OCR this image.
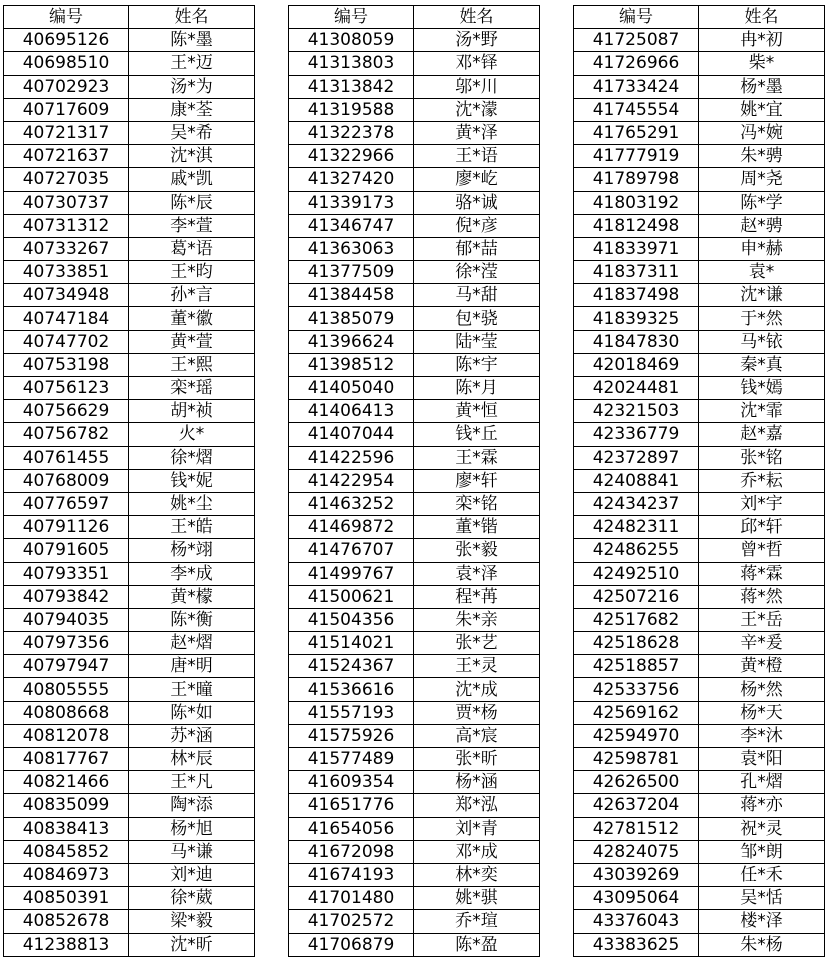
编号	姓名
40695126	陈*墨
40698510	王*迈
40702923	汤*为
40717609	康*荃
40721317	吴*希
40721637	沈*淇
40727035	戚*凯
40730737	陈*辰
40731312	李*萱
40733267	葛*语
40733851	王*昀
40734948	孙*言
40747184	董*徽
40747702	黄*萱
40753198	王*熙
40756123	栾*瑶
40756629	胡*祯
40756782	火*
40761455	徐*熠
40768009	钱*妮
40776597	姚*尘
40791126	王*皓
40791605	杨*翊
40793351	李*成
40793842	黄*檬
40794035	陈*衡
40797356	赵*熠
40797947	唐*明
40805555	王*曈
40808668	陈*如
40812078	苏*涵
40817767	林*辰
40821466	王*凡
40835099	陶*添
40838413	杨*旭
40845852	马*谦
40846973	刘*迪
40850391	徐*葳
40852678	梁*毅
41238813	沈*昕
编号	姓名
41308059	汤*野
41313803	邓*铎
41313842	邬*川
41319588	沈*濛
41322378	黄*泽
41322966	王*语
41327420	廖*屹
41339173	骆*诚
41346747	倪*彦
41363063	郁*喆
41377509	徐*滢
41384458	马*甜
41385079	包*骁
41396624	陆*莹
41398512	陈*宇
41405040	陈*月
41406413	黄*恒
41407044	钱*丘
41422596	王*霖
41422954	廖*轩
41463252	栾*铭
41469872	董*锴
41476707	张*毅
41499767	袁*泽
41500621	程*苒
41504356	朱*亲
41514021	张*艺
41524367	王*灵
41536616	沈*成
41557193	贾*杨
41575926	高*宸
41577489	张*昕
41609354	杨*涵
41651776	郑*泓
41654056	刘*青
41672098	邓*成
41674193	林*奕
41701480	姚*骐
41702572	乔*瑄
41706879	陈*盈
编号	姓名
41725087	冉*初
41726966	柴*
41733424	杨*墨
41745554	姚*宜
41765291	冯*婉
41777919	朱*骋
41789798	周*尧
41803192	陈*学
41812498	赵*骋
41833971	申*赫
41837311	袁*
41837498	沈*谦
41839325	于*然
41847830	马*铱
42018469	秦*真
42024481	钱*嫣
42321503	沈*霏
42336779	赵*嘉
42372897	张*铭
42408841	乔*耘
42434237	刘*宇
42482311	邱*轩
42486255	曾*哲
42492510	蒋*霖
42507216	蒋*然
42517682	王*岳
42518628	辛*爰
42518857	黄*橙
42533756	杨*然
42569162	杨*天
42594970	李*沐
42598781	袁*阳
42626500	孔*熠
42637204	蒋*亦
42781512	祝*灵
42824075	邹*朗
43039269	任*禾
43095064	吴*恬
43376043	楼*泽
43383625	朱*杨
